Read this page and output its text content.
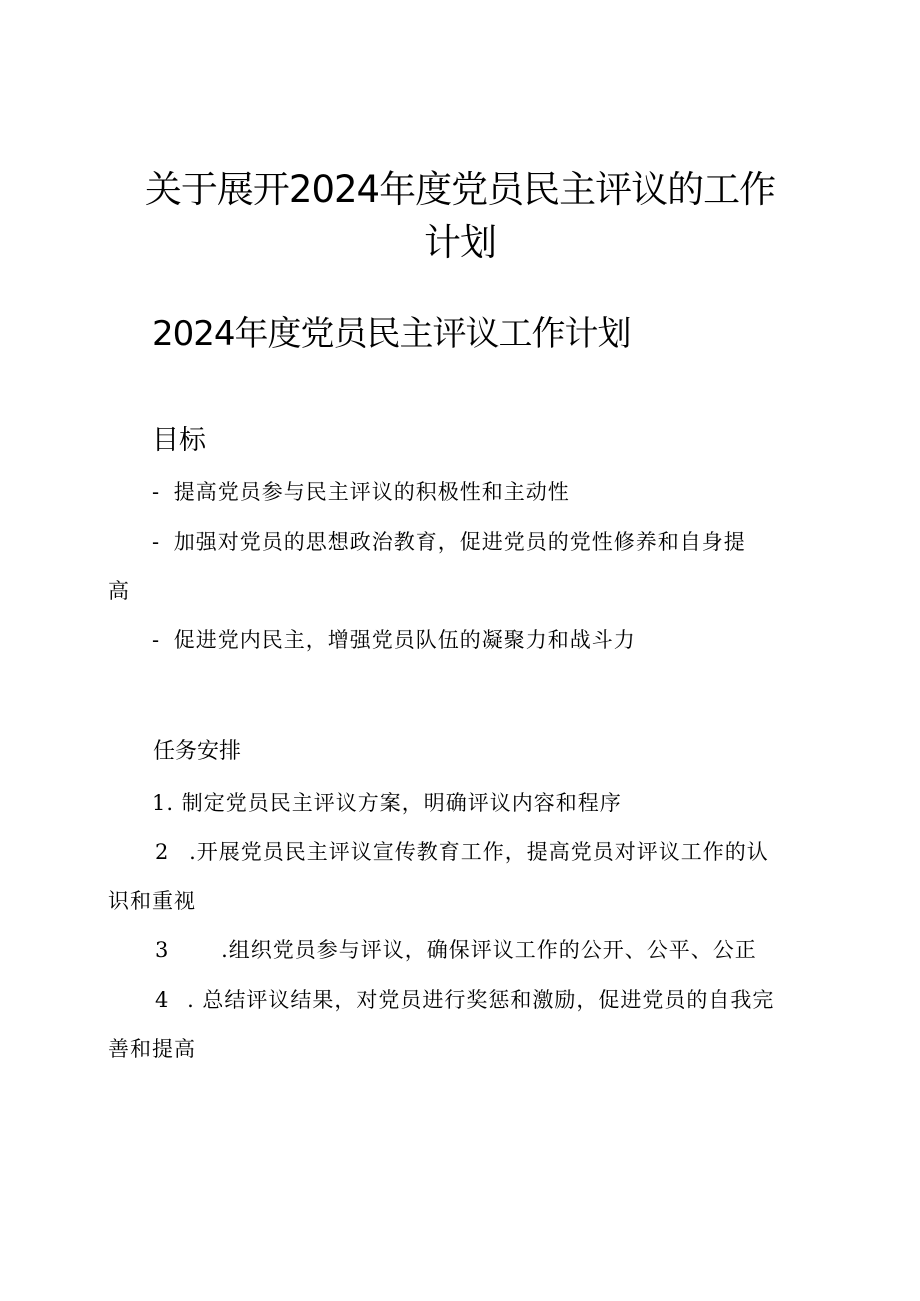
关于展开2024年度党员民主评议的工作
计划
2024年度党员民主评议工作计划
目标
- 提高党员参与民主评议的积极性和主动性
- 加强对党员的思想政治教育，促进党员的党性修养和自身提
高
- 促进党内民主，增强党员队伍的凝聚力和战斗力
任务安排
1. 制定党员民主评议方案，明确评议内容和程序
2 .开展党员民主评议宣传教育工作，提高党员对评议工作的认
识和重视
3 .组织党员参与评议，确保评议工作的公开、公平、公正
4 . 总结评议结果，对党员进行奖惩和激励，促进党员的自我完
善和提高
